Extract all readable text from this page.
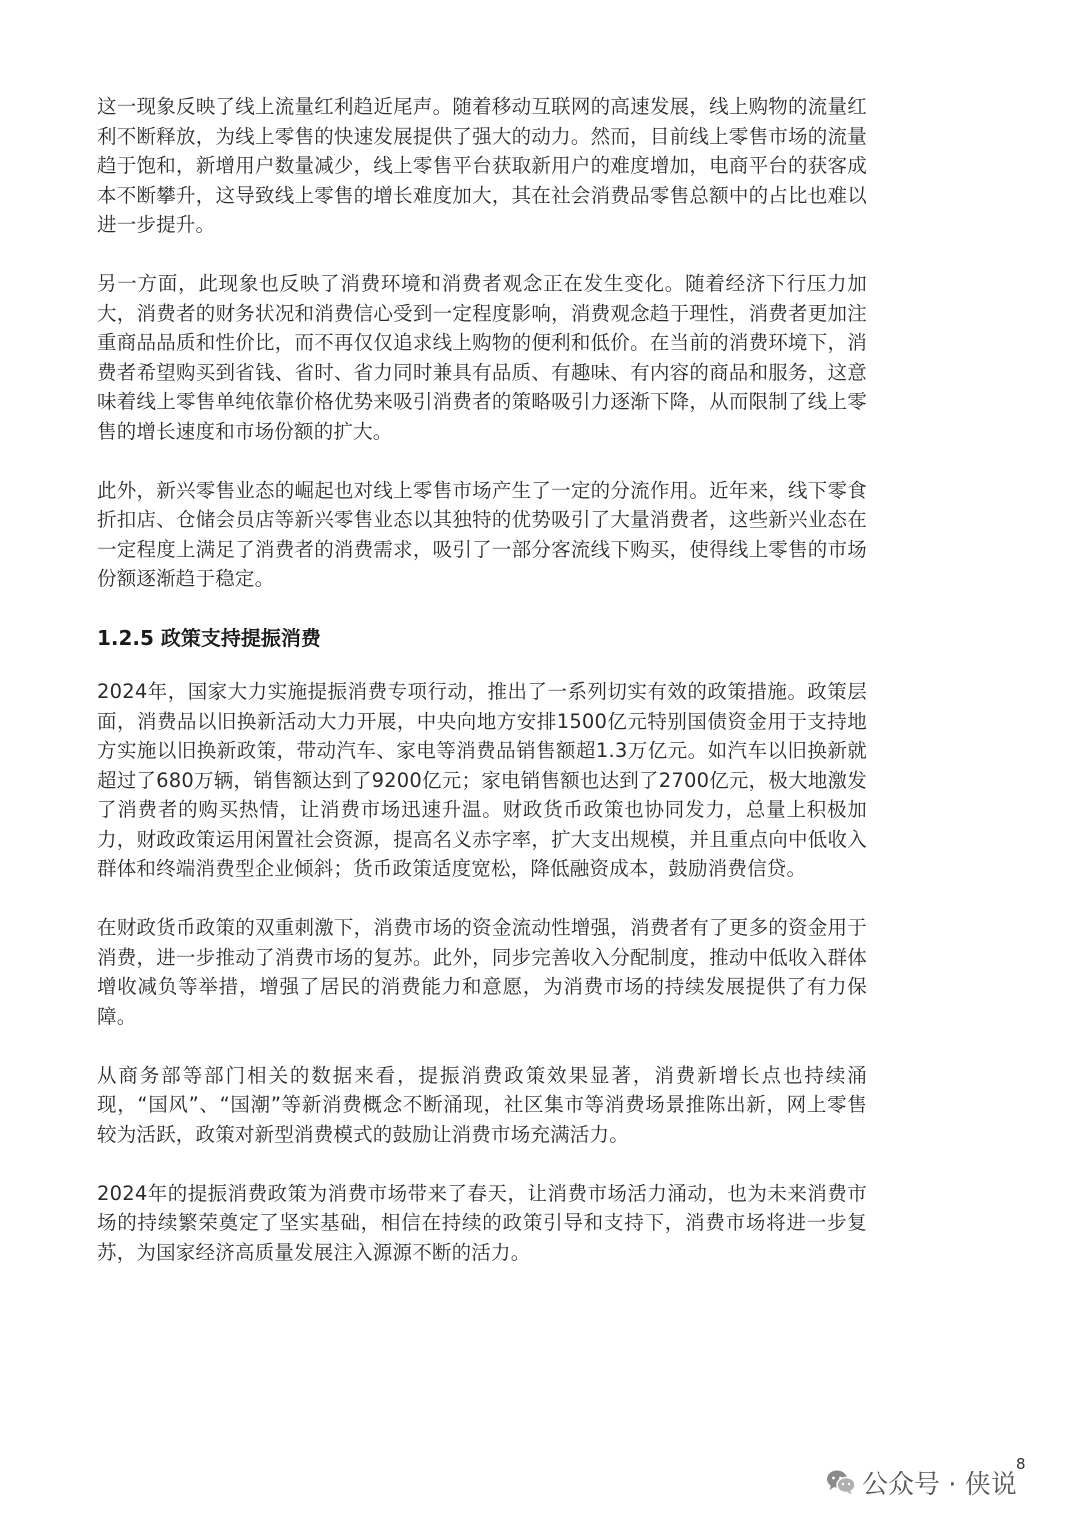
这一现象反映了线上流量红利趋近尾声。随着移动互联网的高速发展，线上购物的流量红利不断释放，为线上零售的快速发展提供了强大的动力。然而，目前线上零售市场的流量趋于饱和，新增用户数量减少，线上零售平台获取新用户的难度增加，电商平台的获客成本不断攀升，这导致线上零售的增长难度加大，其在社会消费品零售总额中的占比也难以进一步提升。

另一方面，此现象也反映了消费环境和消费者观念正在发生变化。随着经济下行压力加大，消费者的财务状况和消费信心受到一定程度影响，消费观念趋于理性，消费者更加注重商品品质和性价比，而不再仅仅追求线上购物的便利和低价。在当前的消费环境下，消费者希望购买到省钱、省时、省力同时兼具有品质、有趣味、有内容的商品和服务，这意味着线上零售单纯依靠价格优势来吸引消费者的策略吸引力逐渐下降，从而限制了线上零售的增长速度和市场份额的扩大。

此外，新兴零售业态的崛起也对线上零售市场产生了一定的分流作用。近年来，线下零食折扣店、仓储会员店等新兴零售业态以其独特的优势吸引了大量消费者，这些新兴业态在一定程度上满足了消费者的消费需求，吸引了一部分客流线下购买，使得线上零售的市场份额逐渐趋于稳定。

1.2.5 政策支持提振消费

2024年，国家大力实施提振消费专项行动，推出了一系列切实有效的政策措施。政策层面，消费品以旧换新活动大力开展，中央向地方安排1500亿元特别国债资金用于支持地方实施以旧换新政策，带动汽车、家电等消费品销售额超1.3万亿元。如汽车以旧换新就超过了680万辆，销售额达到了9200亿元；家电销售额也达到了2700亿元，极大地激发了消费者的购买热情，让消费市场迅速升温。财政货币政策也协同发力，总量上积极加力，财政政策运用闲置社会资源，提高名义赤字率，扩大支出规模，并且重点向中低收入群体和终端消费型企业倾斜；货币政策适度宽松，降低融资成本，鼓励消费信贷。

在财政货币政策的双重刺激下，消费市场的资金流动性增强，消费者有了更多的资金用于消费，进一步推动了消费市场的复苏。此外，同步完善收入分配制度，推动中低收入群体增收减负等举措，增强了居民的消费能力和意愿，为消费市场的持续发展提供了有力保障。

从商务部等部门相关的数据来看，提振消费政策效果显著，消费新增长点也持续涌现，“国风”、“国潮”等新消费概念不断涌现，社区集市等消费场景推陈出新，网上零售较为活跃，政策对新型消费模式的鼓励让消费市场充满活力。

2024年的提振消费政策为消费市场带来了春天，让消费市场活力涌动，也为未来消费市场的持续繁荣奠定了坚实基础，相信在持续的政策引导和支持下，消费市场将进一步复苏，为国家经济高质量发展注入源源不断的活力。

8
公众号 · 侠说
